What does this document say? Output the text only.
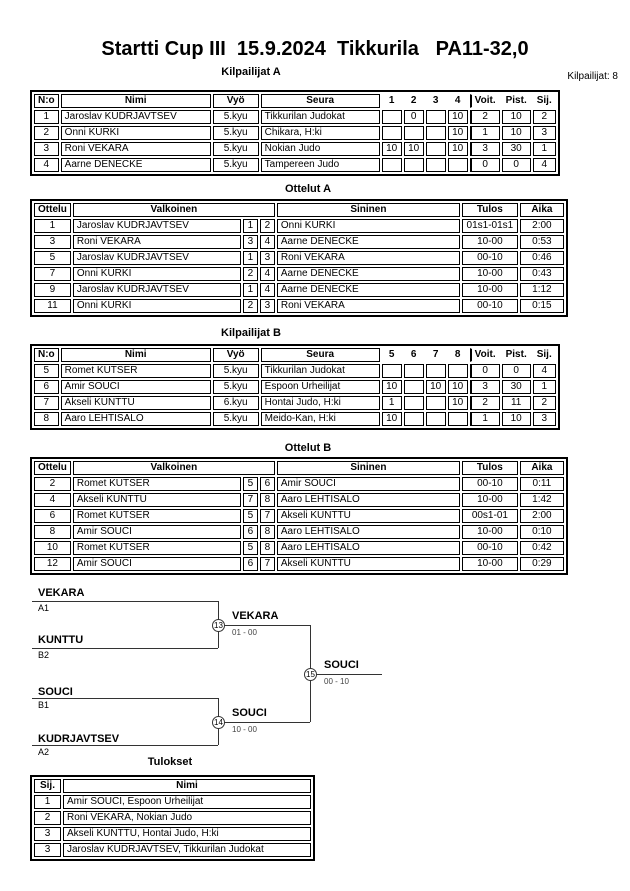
Startti Cup III  15.9.2024  Tikkurila   PA11-32,0
Kilpailijat: 8
Kilpailijat A
N:o	Nimi	Vyö	Seura	1	2	3	4	Voit.	Pist.	Sij.
1	Jaroslav KUDRJAVTSEV	5.kyu	Tikkurilan Judokat		0		10	2	10	2
2	Onni KURKI	5.kyu	Chikara, H:ki				10	1	10	3
3	Roni VEKARA	5.kyu	Nokian Judo	10	10		10	3	30	1
4	Aarne DENECKE	5.kyu	Tampereen Judo					0	0	4
Ottelut A
Ottelu	Valkoinen			Sininen	Tulos	Aika
1	Jaroslav KUDRJAVTSEV	1	2	Onni KURKI	01s1-01s1	2:00
3	Roni VEKARA	3	4	Aarne DENECKE	10-00	0:53
5	Jaroslav KUDRJAVTSEV	1	3	Roni VEKARA	00-10	0:46
7	Onni KURKI	2	4	Aarne DENECKE	10-00	0:43
9	Jaroslav KUDRJAVTSEV	1	4	Aarne DENECKE	10-00	1:12
11	Onni KURKI	2	3	Roni VEKARA	00-10	0:15
Kilpailijat B
N:o	Nimi	Vyö	Seura	5	6	7	8	Voit.	Pist.	Sij.
5	Romet KUTSER	5.kyu	Tikkurilan Judokat					0	0	4
6	Amir SOUCI	5.kyu	Espoon Urheilijat	10		10	10	3	30	1
7	Akseli KUNTTU	6.kyu	Hontai Judo, H:ki	1			10	2	11	2
8	Aaro LEHTISALO	5.kyu	Meido-Kan, H:ki	10				1	10	3
Ottelut B
Ottelu	Valkoinen			Sininen	Tulos	Aika
2	Romet KUTSER	5	6	Amir SOUCI	00-10	0:11
4	Akseli KUNTTU	7	8	Aaro LEHTISALO	10-00	1:42
6	Romet KUTSER	5	7	Akseli KUNTTU	00s1-01	2:00
8	Amir SOUCI	6	8	Aaro LEHTISALO	10-00	0:10
10	Romet KUTSER	5	8	Aaro LEHTISALO	00-10	0:42
12	Amir SOUCI	6	7	Akseli KUNTTU	10-00	0:29
VEKARA
A1
KUNTTU
B2
SOUCI
B1
KUDRJAVTSEV
A2
13
VEKARA
01 - 00
14
SOUCI
10 - 00
15
SOUCI
00 - 10
Tulokset
Sij.	Nimi
1	Amir SOUCI, Espoon Urheilijat
2	Roni VEKARA, Nokian Judo
3	Akseli KUNTTU, Hontai Judo, H:ki
3	Jaroslav KUDRJAVTSEV, Tikkurilan Judokat
